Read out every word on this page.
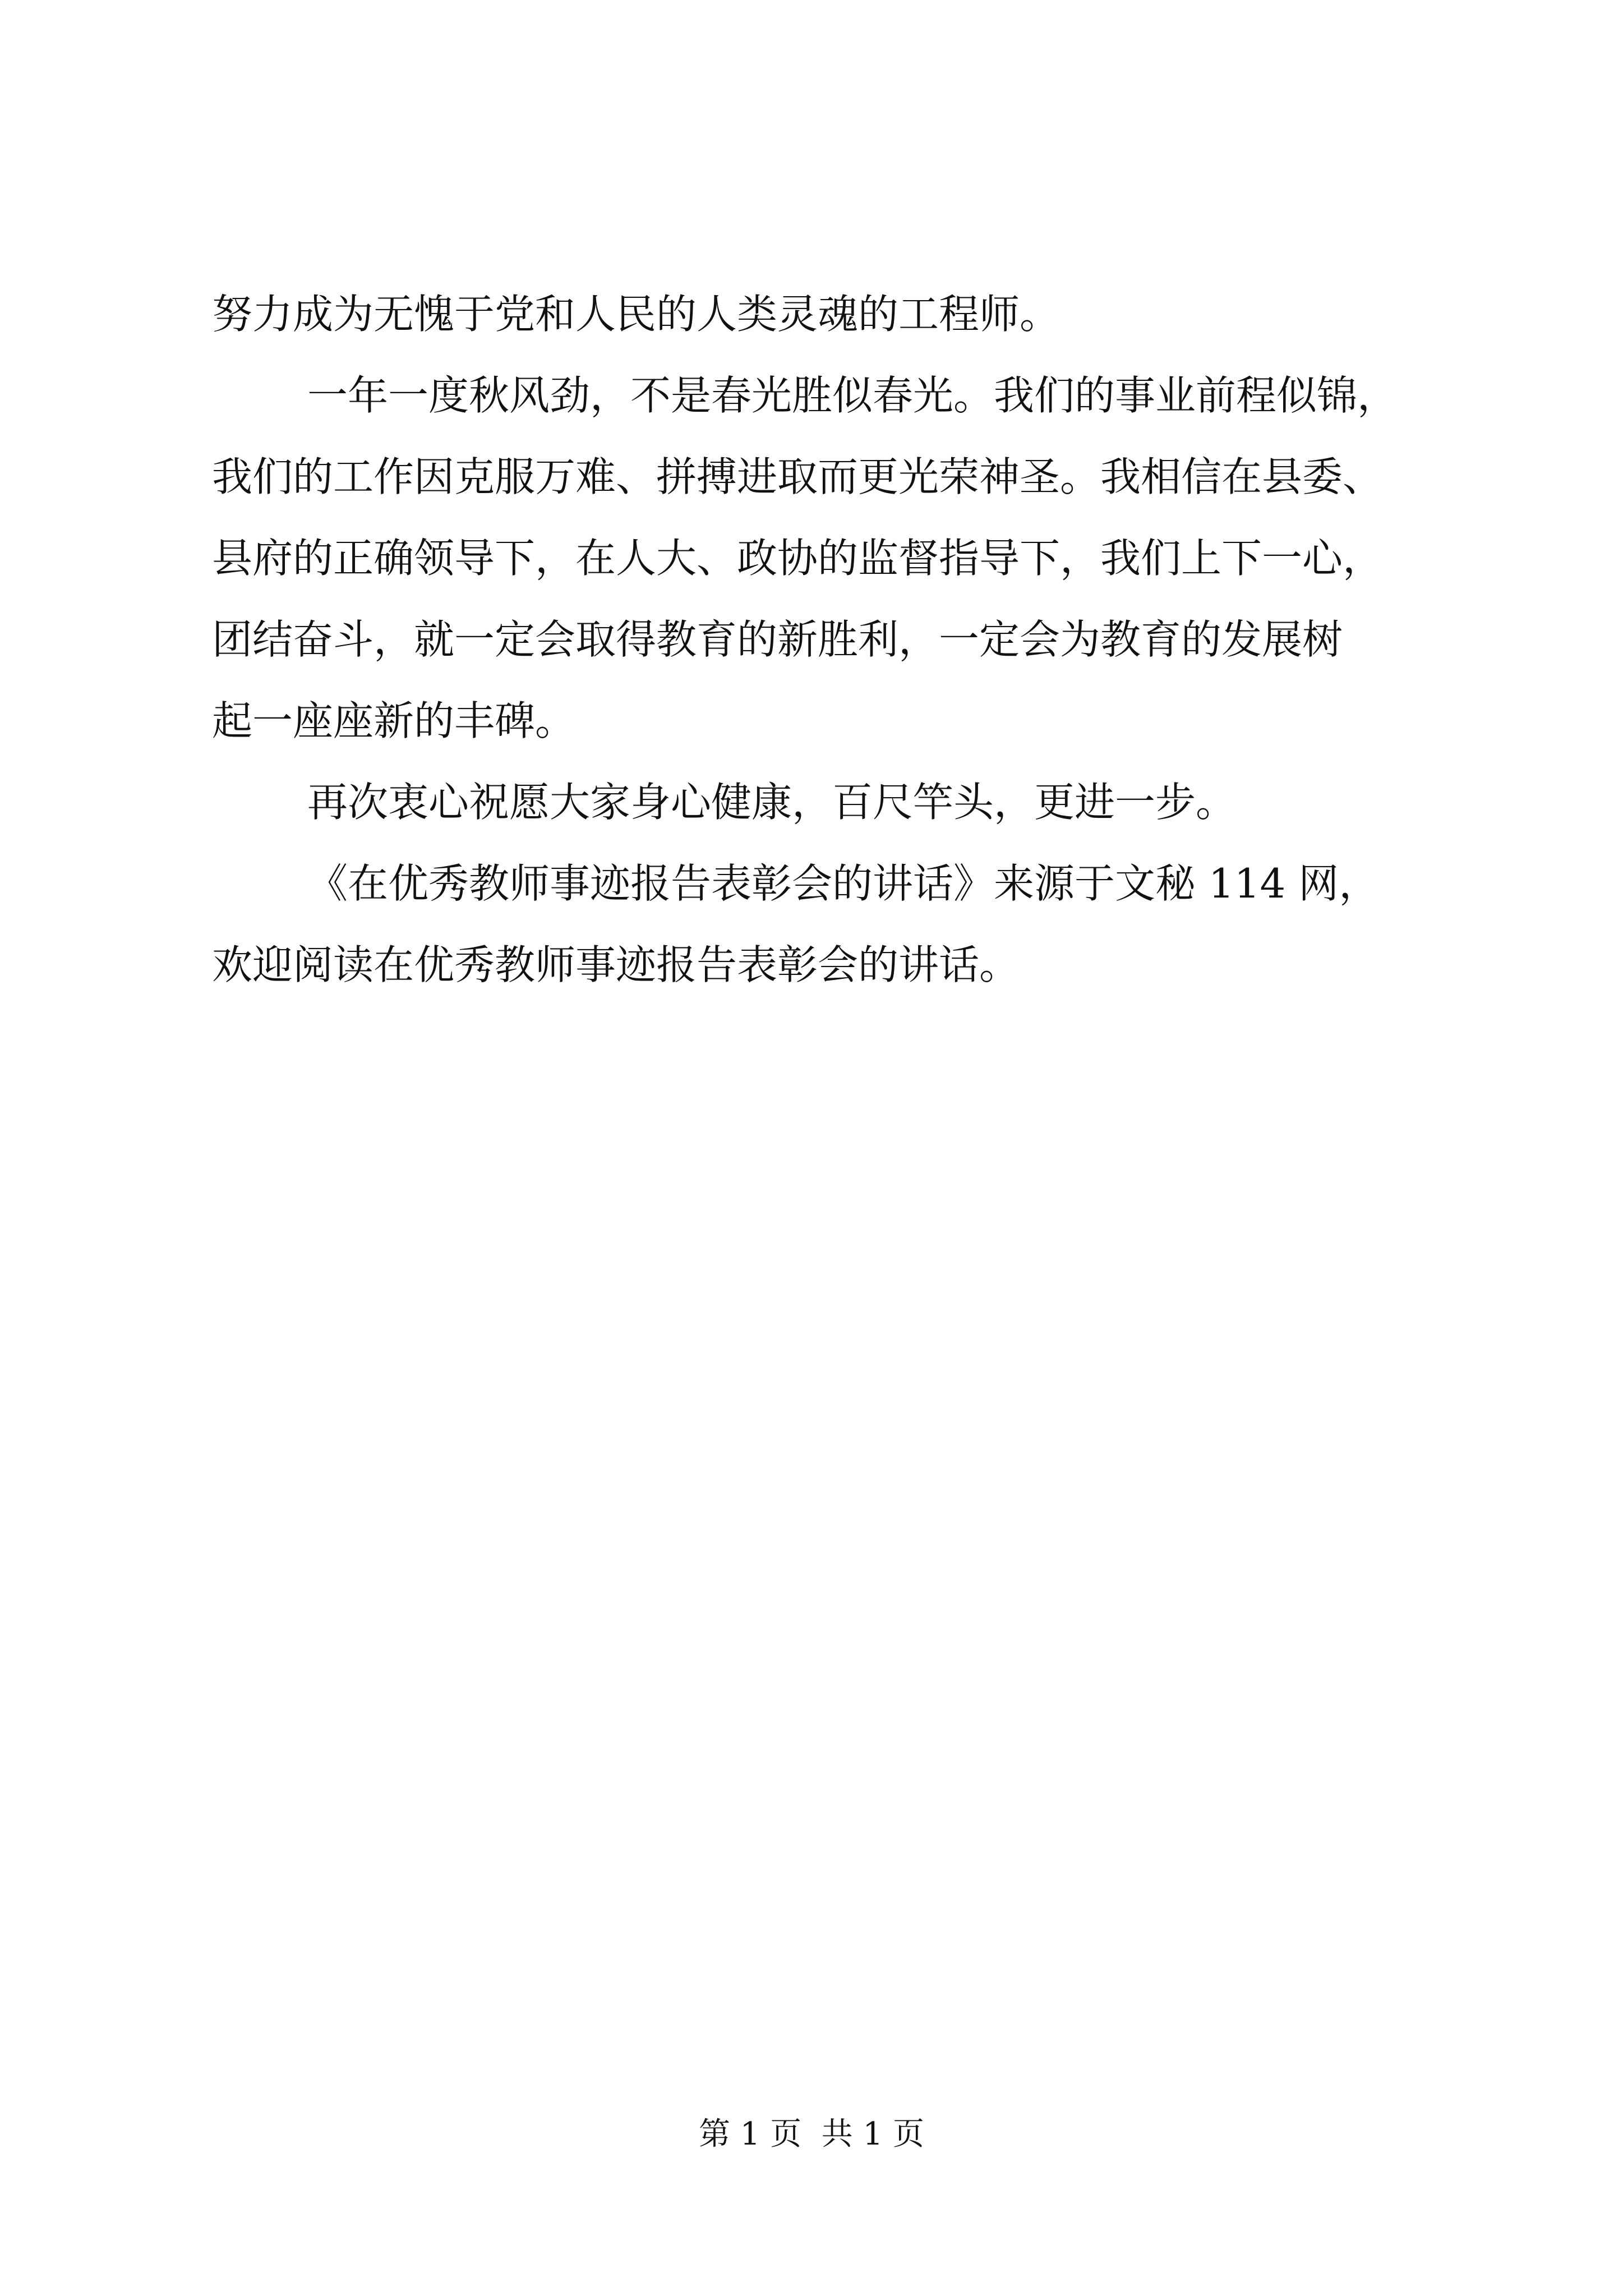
努力成为无愧于党和人民的人类灵魂的工程师。
一年一度秋风劲，不是春光胜似春光。我们的事业前程似锦，
我们的工作因克服万难、拼搏进取而更光荣神圣。我相信在县委、
县府的正确领导下，在人大、政协的监督指导下，我们上下一心，
团结奋斗，就一定会取得教育的新胜利，一定会为教育的发展树
起一座座新的丰碑。
再次衷心祝愿大家身心健康，百尺竿头，更进一步。
《在优秀教师事迹报告表彰会的讲话》来源于文秘 114 网，
欢迎阅读在优秀教师事迹报告表彰会的讲话。
第 1 页  共 1 页
